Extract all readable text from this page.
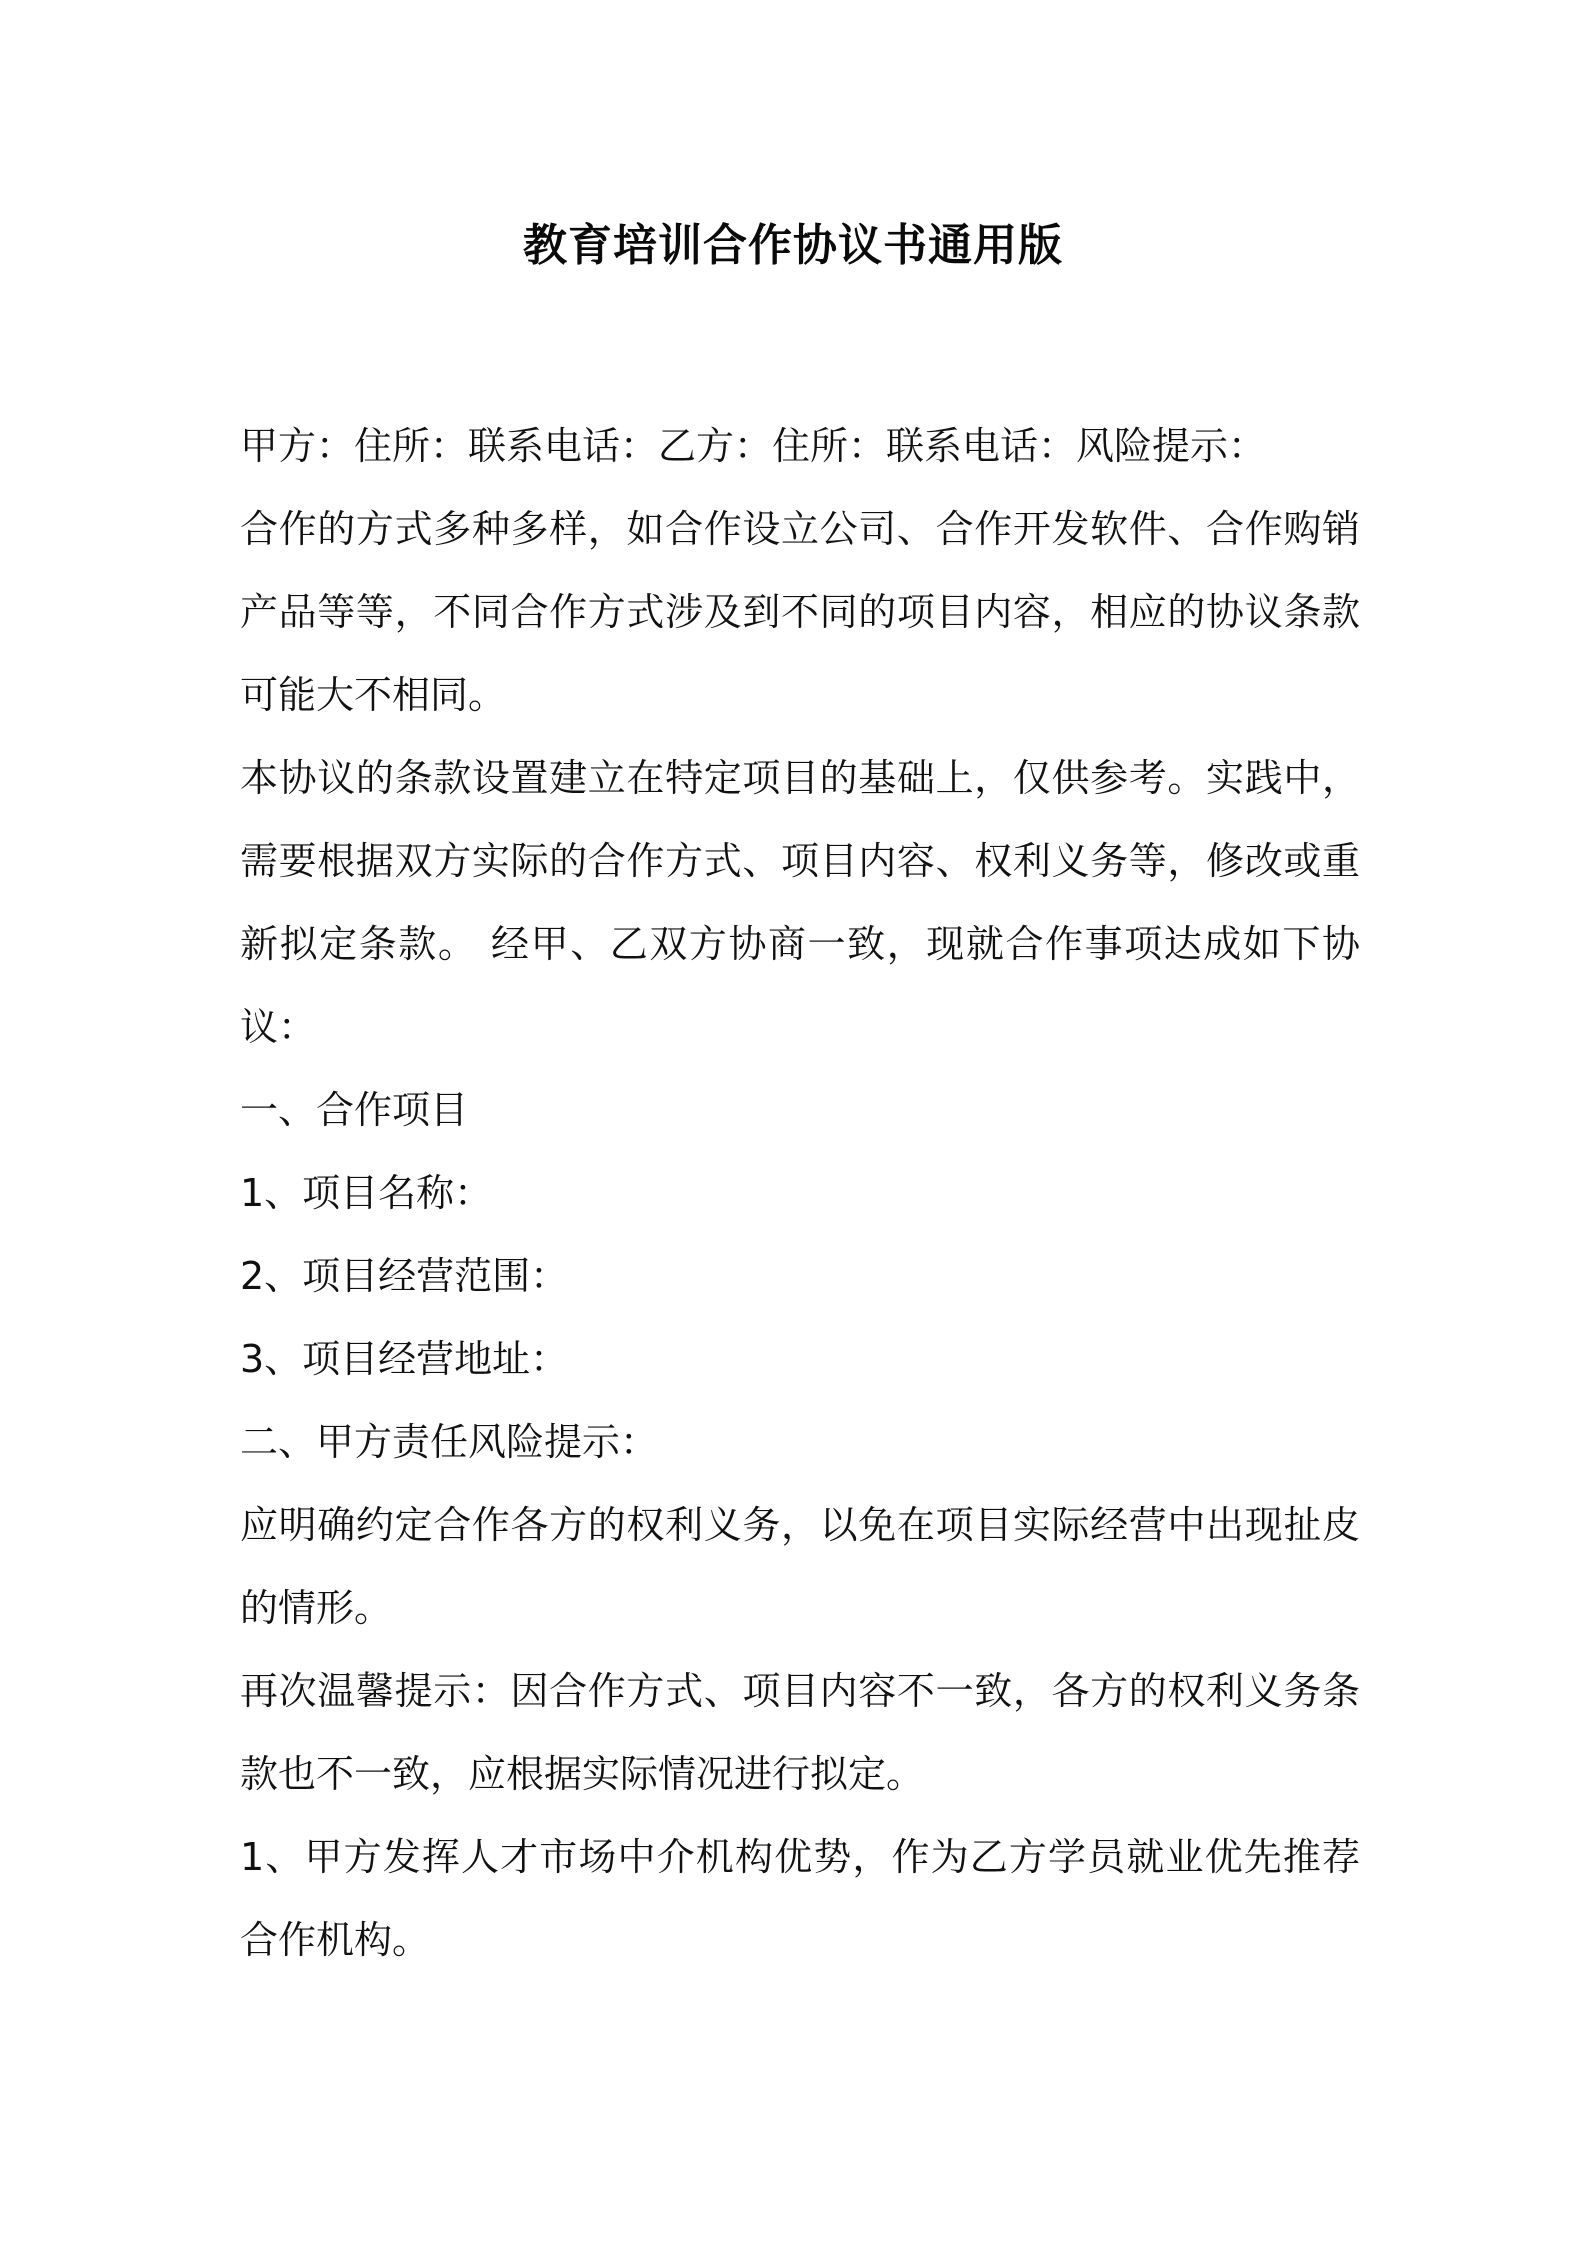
教育培训合作协议书通用版

甲方：住所：联系电话：乙方：住所：联系电话：风险提示：

合作的方式多种多样，如合作设立公司、合作开发软件、合作购销产品等等，不同合作方式涉及到不同的项目内容，相应的协议条款可能大不相同。

本协议的条款设置建立在特定项目的基础上，仅供参考。实践中，需要根据双方实际的合作方式、项目内容、权利义务等，修改或重新拟定条款。 经甲、乙双方协商一致，现就合作事项达成如下协议：

一、合作项目

1、项目名称：

2、项目经营范围：

3、项目经营地址：

二、甲方责任风险提示：

应明确约定合作各方的权利义务，以免在项目实际经营中出现扯皮的情形。

再次温馨提示：因合作方式、项目内容不一致，各方的权利义务条款也不一致，应根据实际情况进行拟定。

1、甲方发挥人才市场中介机构优势，作为乙方学员就业优先推荐合作机构。
